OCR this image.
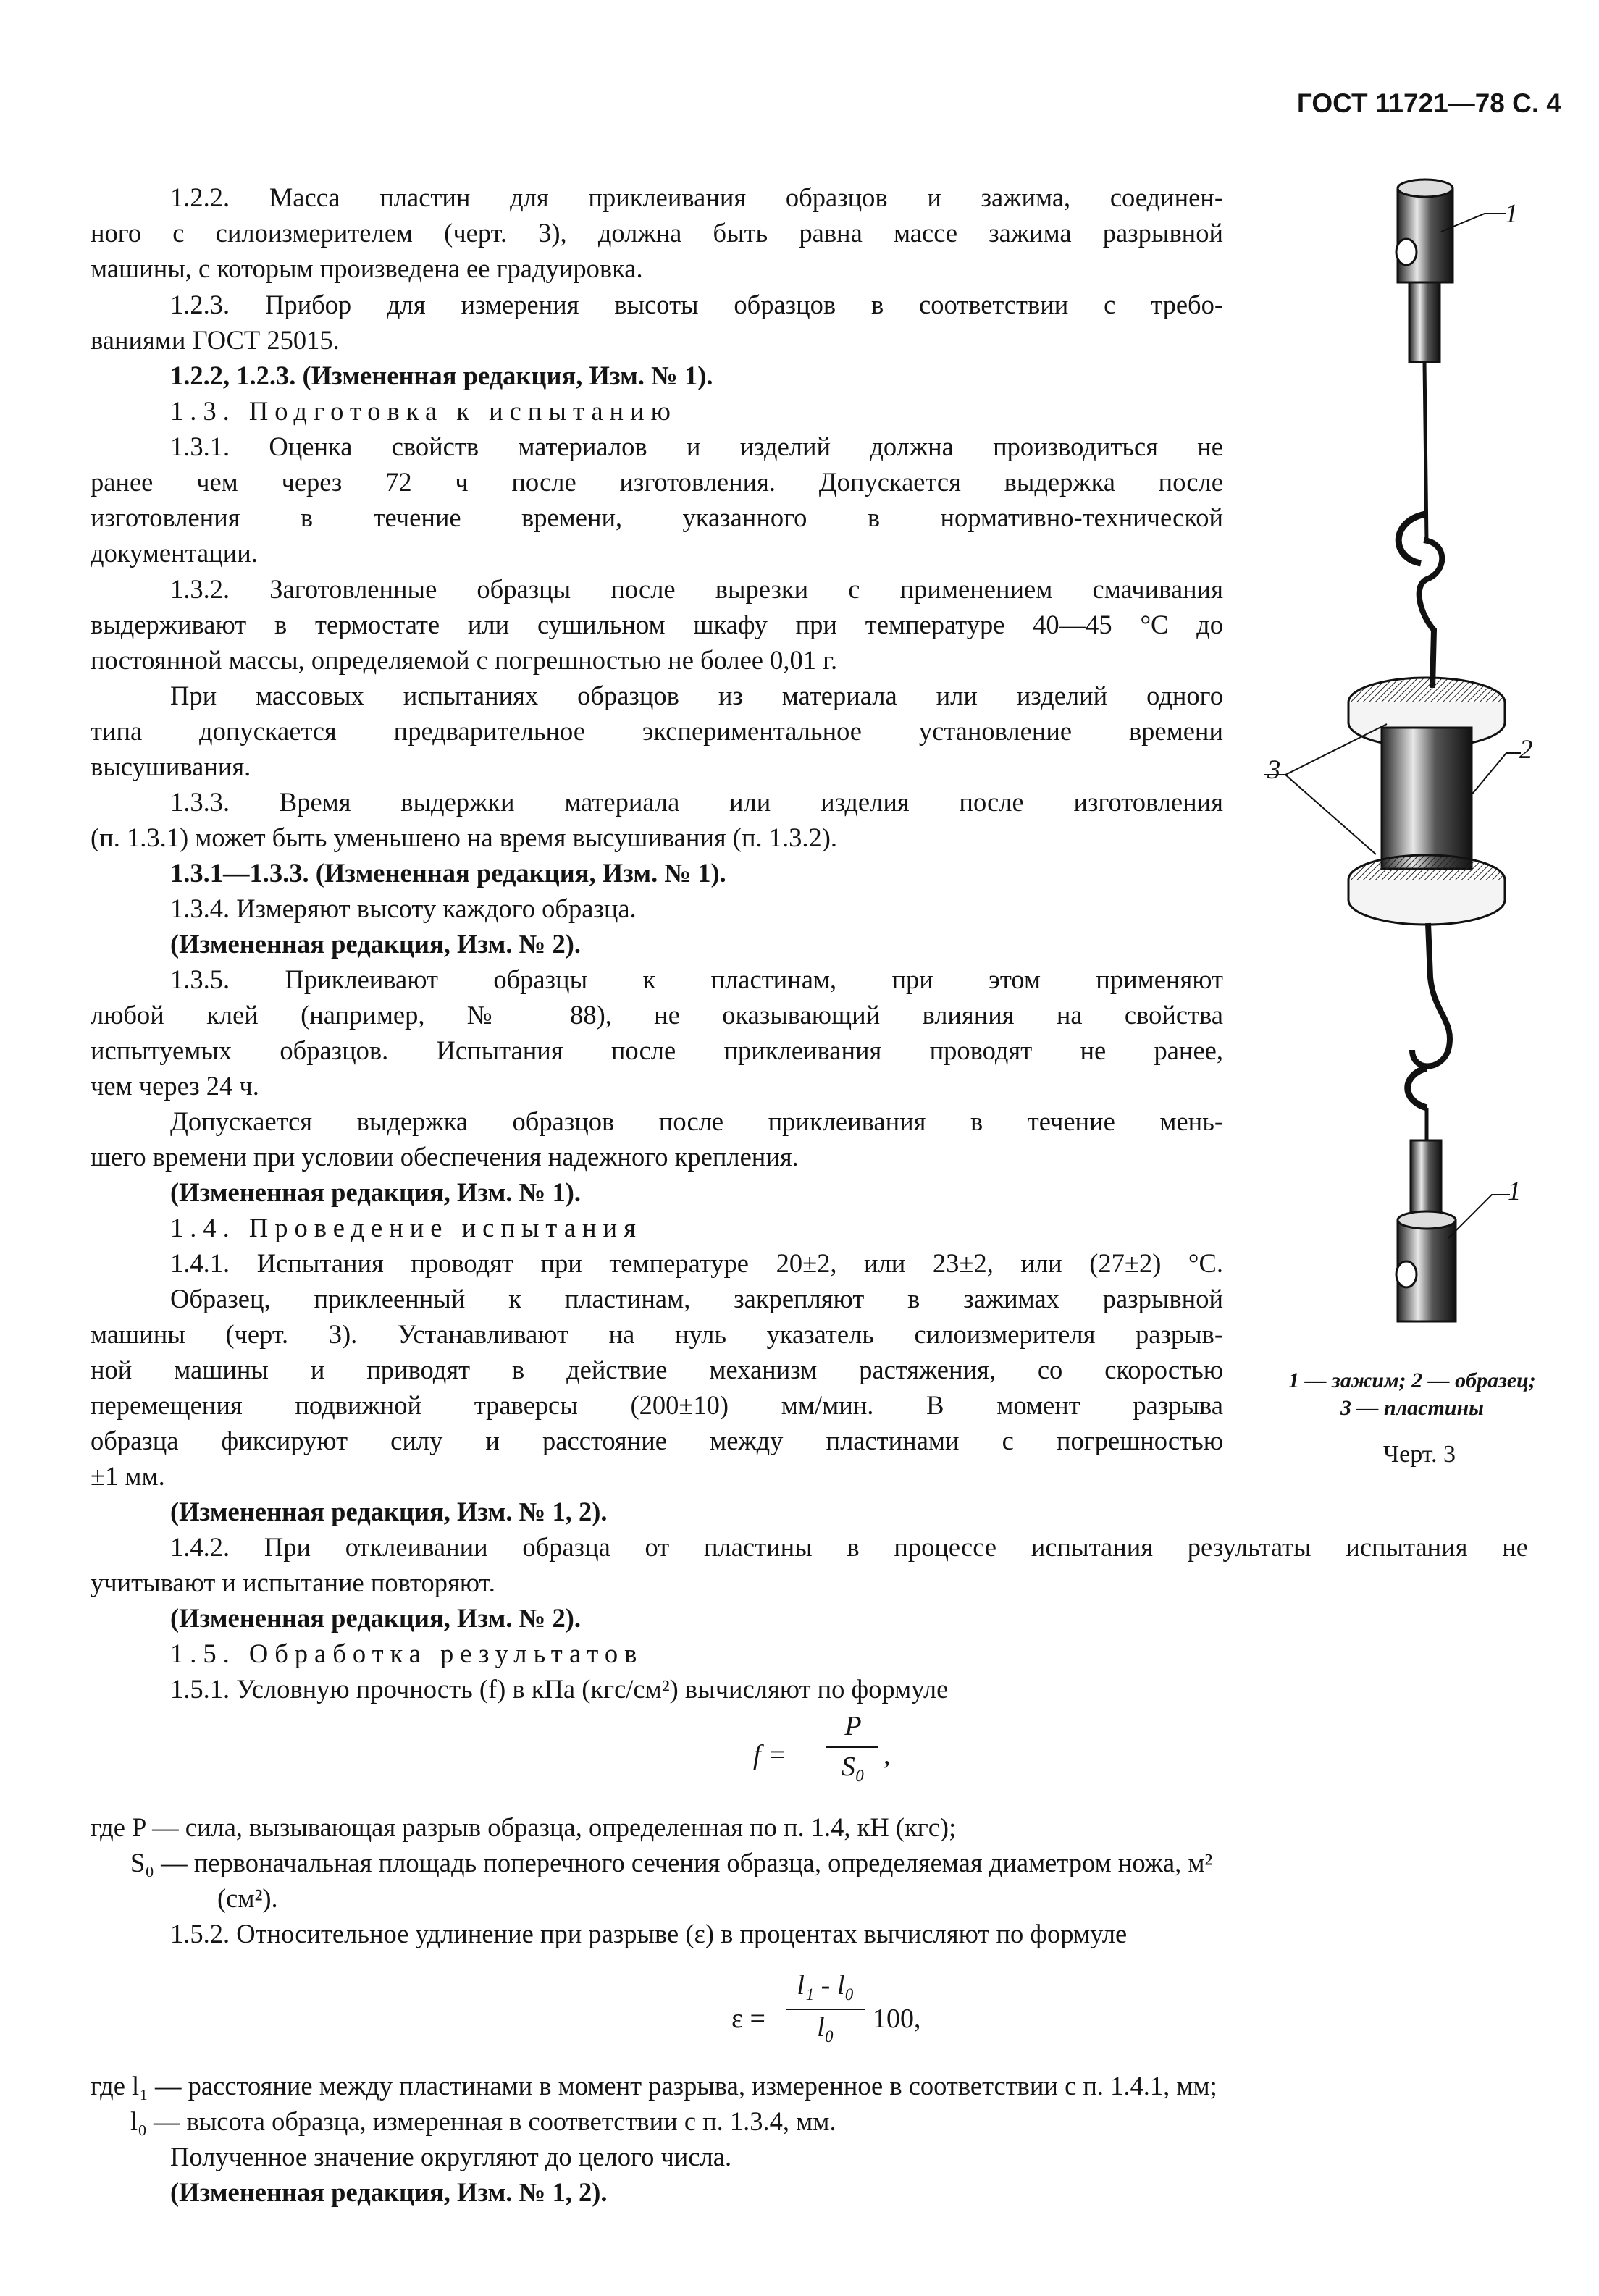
ГОСТ 11721—78 С. 4
1.2.2. Масса пластин для приклеивания образцов и зажима, соединен-
ного с силоизмерителем (черт. 3), должна быть равна массе зажима разрывной
машины, с которым произведена ее градуировка.
1.2.3. Прибор для измерения высоты образцов в соответствии с требо-
ваниями ГОСТ 25015.
1.2.2, 1.2.3. (Измененная редакция, Изм. № 1).
1.3. Подготовка к испытанию
1.3.1. Оценка свойств материалов и изделий должна производиться не
ранее чем через 72 ч после изготовления. Допускается выдержка после
изготовления в течение времени, указанного в нормативно-технической
документации.
1.3.2. Заготовленные образцы после вырезки с применением смачивания
выдерживают в термостате или сушильном шкафу при температуре 40—45 °С до
постоянной массы, определяемой с погрешностью не более 0,01 г.
При массовых испытаниях образцов из материала или изделий одного
типа допускается предварительное экспериментальное установление времени
высушивания.
1.3.3. Время выдержки материала или изделия после изготовления
(п. 1.3.1) может быть уменьшено на время высушивания (п. 1.3.2).
1.3.1—1.3.3. (Измененная редакция, Изм. № 1).
1.3.4. Измеряют высоту каждого образца.
(Измененная редакция, Изм. № 2).
1.3.5. Приклеивают образцы к пластинам, при этом применяют
любой клей (например, № 88), не оказывающий влияния на свойства
испытуемых образцов. Испытания после приклеивания проводят не ранее,
чем через 24 ч.
Допускается выдержка образцов после приклеивания в течение мень-
шего времени при условии обеспечения надежного крепления.
(Измененная редакция, Изм. № 1).
1.4. Проведение испытания
1.4.1. Испытания проводят при температуре 20±2, или 23±2, или (27±2) °С.
Образец, приклеенный к пластинам, закрепляют в зажимах разрывной
машины (черт. 3). Устанавливают на нуль указатель силоизмерителя разрыв-
ной машины и приводят в действие механизм растяжения, со скоростью
перемещения подвижной траверсы (200±10) мм/мин. В момент разрыва
образца фиксируют силу и расстояние между пластинами с погрешностью
±1 мм.
(Измененная редакция, Изм. № 1, 2).
1.4.2. При отклеивании образца от пластины в процессе испытания результаты испытания не
учитывают и испытание повторяют.
(Измененная редакция, Изм. № 2).
1.5. Обработка результатов
1.5.1. Условную прочность (f) в кПа (кгс/см²) вычисляют по формуле
f =
P
S₀ ,
где P — сила, вызывающая разрыв образца, определенная по п. 1.4, кН (кгс);
S₀ — первоначальная площадь поперечного сечения образца, определяемая диаметром ножа, м²
(см²).
1.5.2. Относительное удлинение при разрыве (ε) в процентах вычисляют по формуле
ε =
l₁ - l₀
l₀	100,
где l₁ — расстояние между пластинами в момент разрыва, измеренное в соответствии с п. 1.4.1, мм;
l₀ — высота образца, измеренная в соответствии с п. 1.3.4, мм.
Полученное значение округляют до целого числа.
(Измененная редакция, Изм. № 1, 2).
1
2
3
1
1 — зажим; 2 — образец;
3 — пластины
Черт. 3
